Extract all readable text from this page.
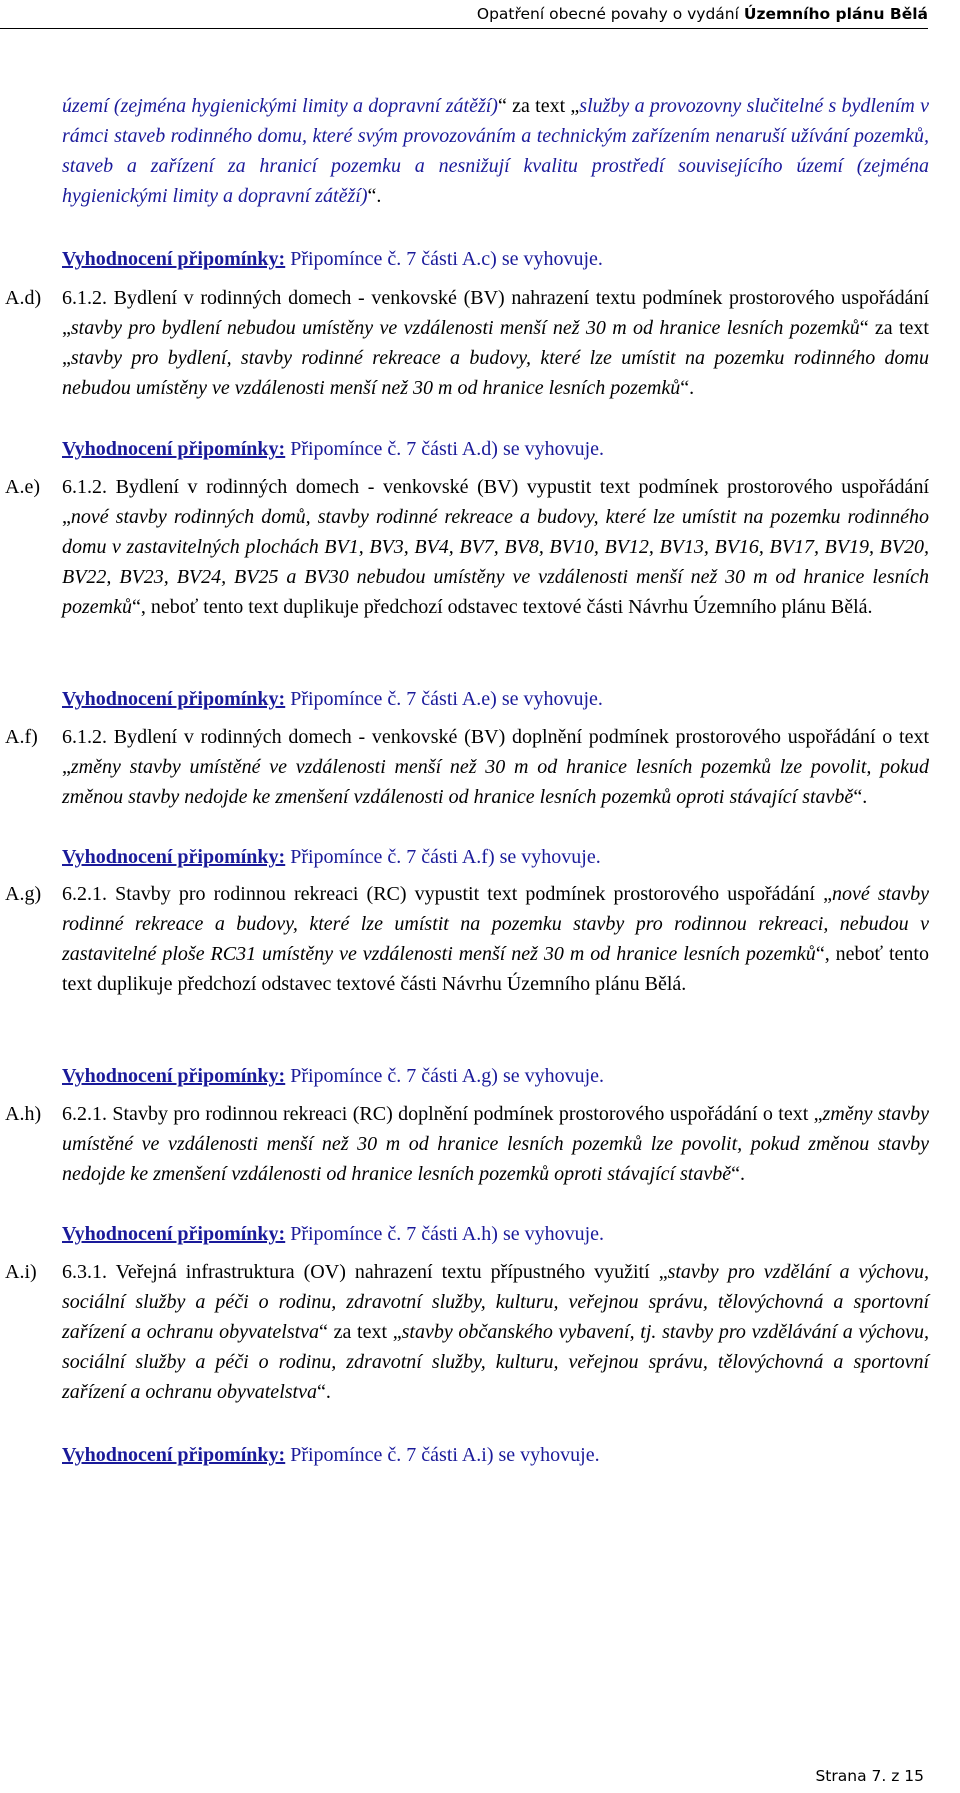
Opatření obecné povahy o vydání Územního plánu Bělá
území (zejména hygienickými limity a dopravní zátěží)“ za text „služby a provozovny slučitelné s bydlením v rámci staveb rodinného domu, které svým provozováním a technickým zařízením nenaruší užívání pozemků, staveb a zařízení za hranicí pozemku a nesnižují kvalitu prostředí souvisejícího území (zejména hygienickými limity a dopravní zátěží)“.
Vyhodnocení připomínky: Připomínce č. 7 části A.c) se vyhovuje.
A.d)	6.1.2. Bydlení v rodinných domech - venkovské (BV) nahrazení textu podmínek prostorového uspořádání „stavby pro bydlení nebudou umístěny ve vzdálenosti menší než 30 m od hranice lesních pozemků“ za text „stavby pro bydlení, stavby rodinné rekreace a budovy, které lze umístit na pozemku rodinného domu nebudou umístěny ve vzdálenosti menší než 30 m od hranice lesních pozemků“.
Vyhodnocení připomínky: Připomínce č. 7 části A.d) se vyhovuje.
A.e)	6.1.2. Bydlení v rodinných domech - venkovské (BV) vypustit text podmínek prostorového uspořádání „nové stavby rodinných domů, stavby rodinné rekreace a budovy, které lze umístit na pozemku rodinného domu v zastavitelných plochách BV1, BV3, BV4, BV7, BV8, BV10, BV12, BV13, BV16, BV17, BV19, BV20, BV22, BV23, BV24, BV25 a BV30 nebudou umístěny ve vzdálenosti menší než 30 m od hranice lesních pozemků“, neboť tento text duplikuje předchozí odstavec textové části Návrhu Územního plánu Bělá.
Vyhodnocení připomínky: Připomínce č. 7 části A.e) se vyhovuje.
A.f)	6.1.2. Bydlení v rodinných domech - venkovské (BV) doplnění podmínek prostorového uspořádání o text „změny stavby umístěné ve vzdálenosti menší než 30 m od hranice lesních pozemků lze povolit, pokud změnou stavby nedojde ke zmenšení vzdálenosti od hranice lesních pozemků oproti stávající stavbě“.
Vyhodnocení připomínky: Připomínce č. 7 části A.f) se vyhovuje.
A.g)	6.2.1. Stavby pro rodinnou rekreaci (RC) vypustit text podmínek prostorového uspořádání „nové stavby rodinné rekreace a budovy, které lze umístit na pozemku stavby pro rodinnou rekreaci, nebudou v zastavitelné ploše RC31 umístěny ve vzdálenosti menší než 30 m od hranice lesních pozemků“, neboť tento text duplikuje předchozí odstavec textové části Návrhu Územního plánu Bělá.
Vyhodnocení připomínky: Připomínce č. 7 části A.g) se vyhovuje.
A.h)	6.2.1. Stavby pro rodinnou rekreaci (RC) doplnění podmínek prostorového uspořádání o text „změny stavby umístěné ve vzdálenosti menší než 30 m od hranice lesních pozemků lze povolit, pokud změnou stavby nedojde ke zmenšení vzdálenosti od hranice lesních pozemků oproti stávající stavbě“.
Vyhodnocení připomínky: Připomínce č. 7 části A.h) se vyhovuje.
A.i)	6.3.1. Veřejná infrastruktura (OV) nahrazení textu přípustného využití „stavby pro vzdělání a výchovu, sociální služby a péči o rodinu, zdravotní služby, kulturu, veřejnou správu, tělovýchovná a sportovní zařízení a ochranu obyvatelstva“ za text „stavby občanského vybavení, tj. stavby pro vzdělávání a výchovu, sociální služby a péči o rodinu, zdravotní služby, kulturu, veřejnou správu, tělovýchovná a sportovní zařízení a ochranu obyvatelstva“.
Vyhodnocení připomínky: Připomínce č. 7 části A.i) se vyhovuje.
Strana 7. z 15
